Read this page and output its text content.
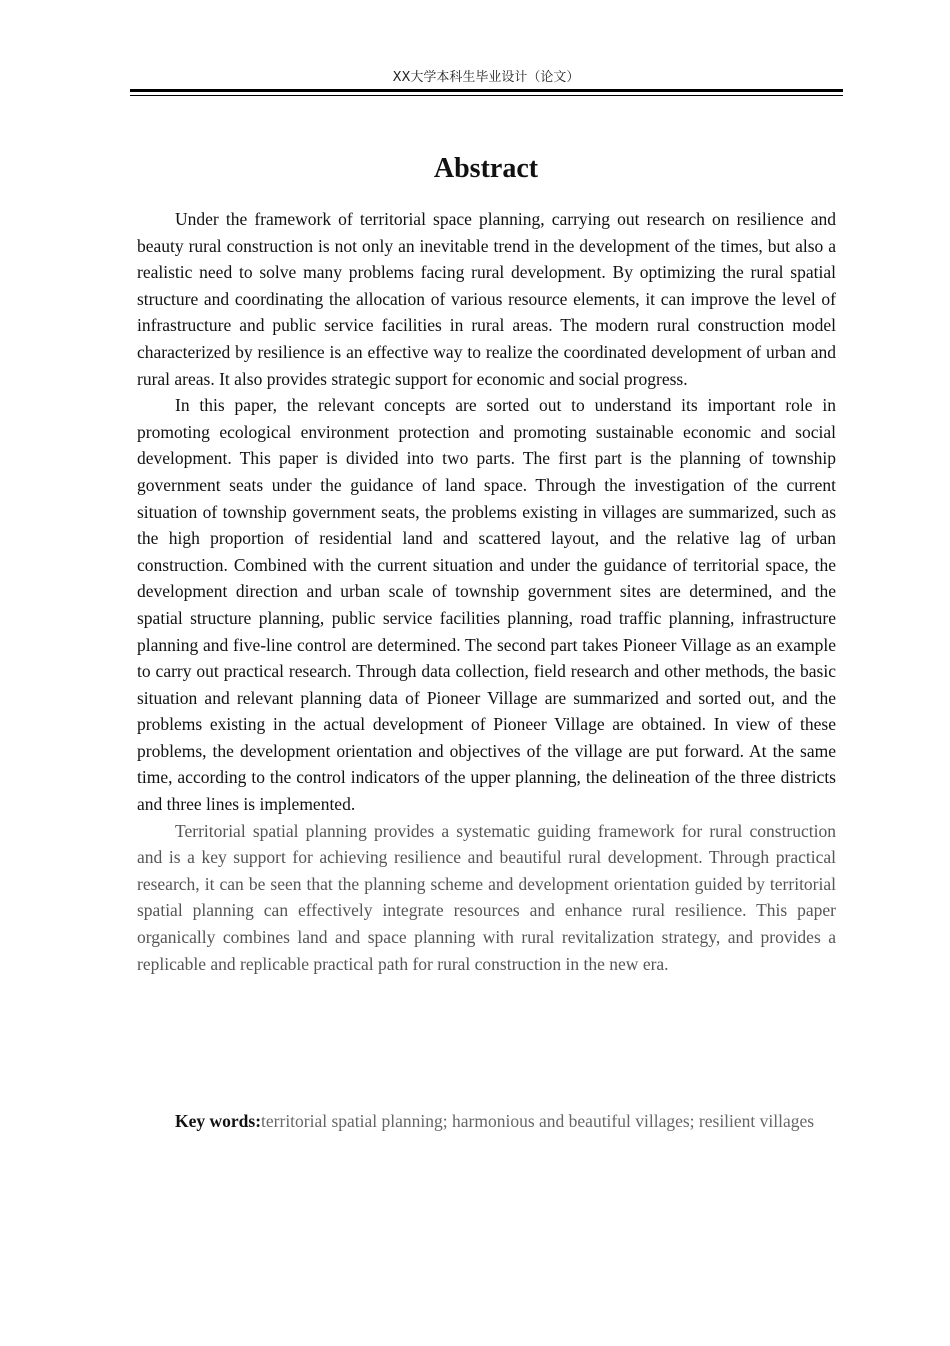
XX大学本科生毕业设计（论文）
Abstract

Under the framework of territorial space planning, carrying out research on resilience and beauty rural construction is not only an inevitable trend in the development of the times, but also a realistic need to solve many problems facing rural development. By optimizing the rural spatial structure and coordinating the allocation of various resource elements, it can improve the level of infrastructure and public service facilities in rural areas. The modern rural construction model characterized by resilience is an effective way to realize the coordinated development of urban and rural areas. It also provides strategic support for economic and social progress.

In this paper, the relevant concepts are sorted out to understand its important role in promoting ecological environment protection and promoting sustainable economic and social development. This paper is divided into two parts. The first part is the planning of township government seats under the guidance of land space. Through the investigation of the current situation of township government seats, the problems existing in villages are summarized, such as the high proportion of residential land and scattered layout, and the relative lag of urban construction. Combined with the current situation and under the guidance of territorial space, the development direction and urban scale of township government sites are determined, and the spatial structure planning, public service facilities planning, road traffic planning, infrastructure planning and five-line control are determined. The second part takes Pioneer Village as an example to carry out practical research. Through data collection, field research and other methods, the basic situation and relevant planning data of Pioneer Village are summarized and sorted out, and the problems existing in the actual development of Pioneer Village are obtained. In view of these problems, the development orientation and objectives of the village are put forward. At the same time, according to the control indicators of the upper planning, the delineation of the three districts and three lines is implemented.

Territorial spatial planning provides a systematic guiding framework for rural construction and is a key support for achieving resilience and beautiful rural development. Through practical research, it can be seen that the planning scheme and development orientation guided by territorial spatial planning can effectively integrate resources and enhance rural resilience. This paper organically combines land and space planning with rural revitalization strategy, and provides a replicable and replicable practical path for rural construction in the new era.

Key words:territorial spatial planning; harmonious and beautiful villages; resilient villages
